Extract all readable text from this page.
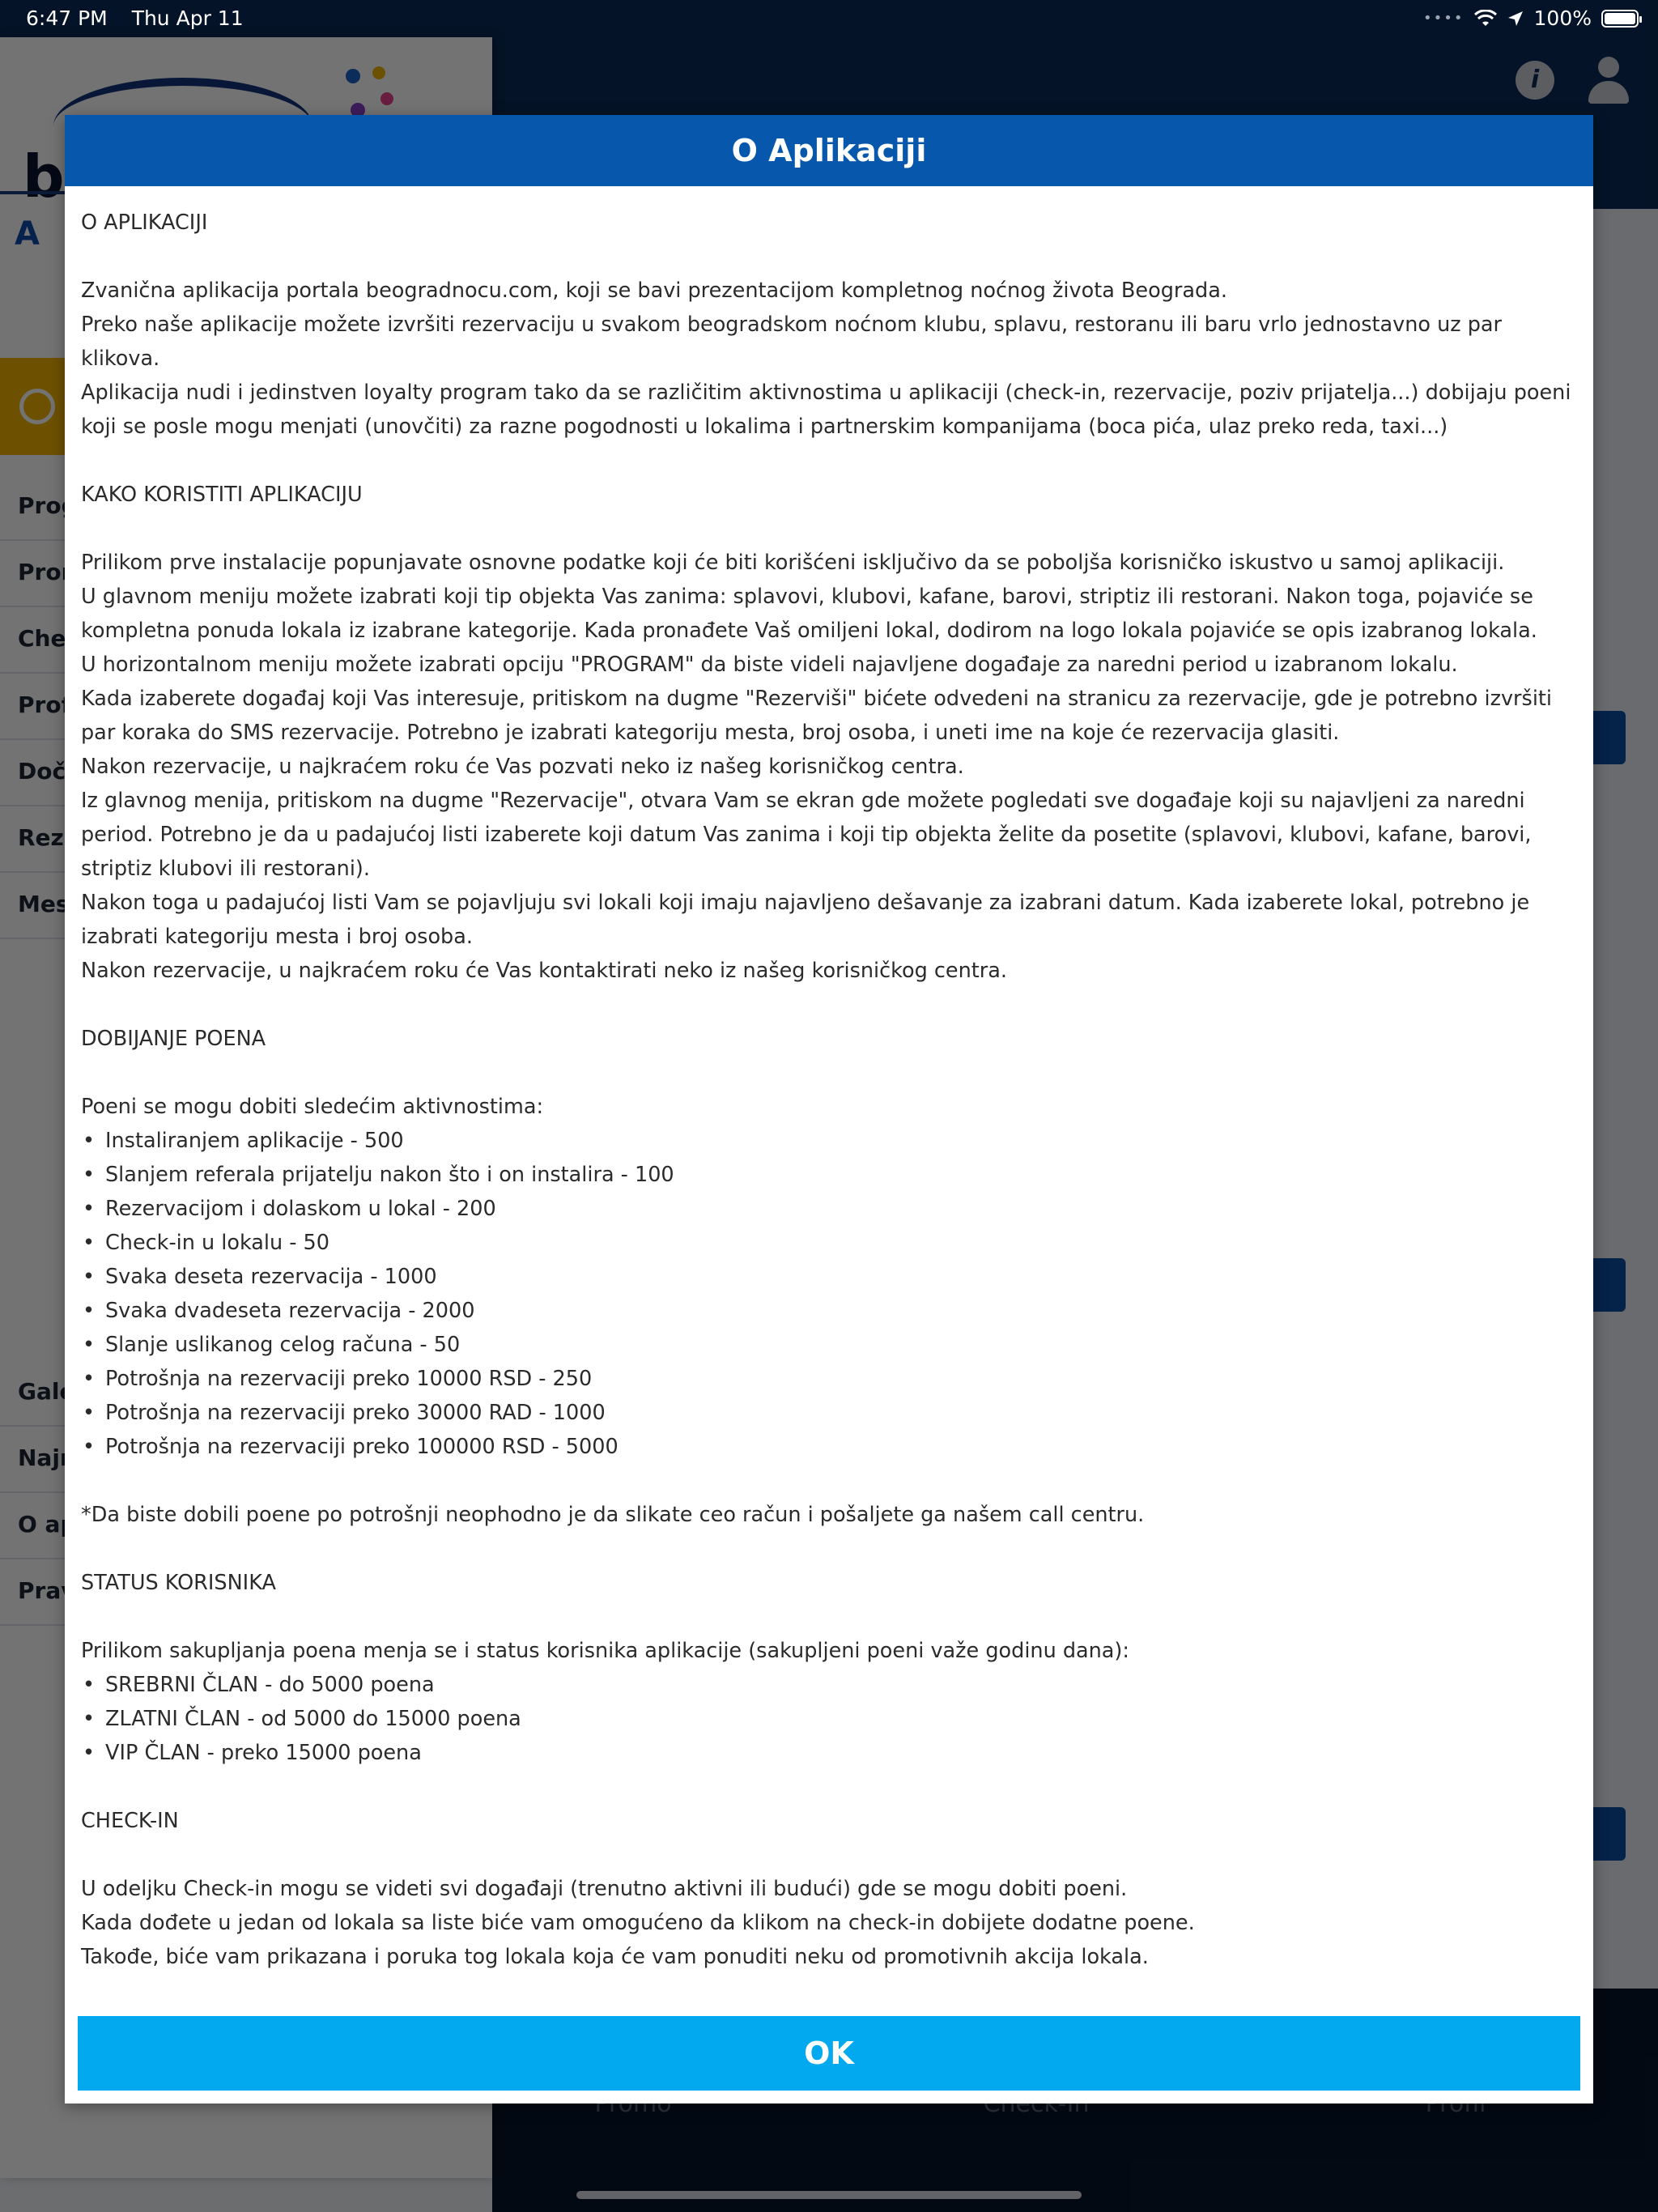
6:47 PM Thu Apr 11	••••	100%
O Aplikaciji

O APLIKACIJI

Zvanična aplikacija portala beogradnocu.com, koji se bavi prezentacijom kompletnog noćnog života Beograda.

Preko naše aplikacije možete izvršiti rezervaciju u svakom beogradskom noćnom klubu, splavu, restoranu ili baru vrlo jednostavno uz par klikova.

Aplikacija nudi i jedinstven loyalty program tako da se različitim aktivnostima u aplikaciji (check-in, rezervacije, poziv prijatelja...) dobijaju poeni koji se posle mogu menjati (unovčiti) za razne pogodnosti u lokalima i partnerskim kompanijama (boca pića, ulaz preko reda, taxi...)

KAKO KORISTITI APLIKACIJU

Prilikom prve instalacije popunjavate osnovne podatke koji će biti korišćeni isključivo da se poboljša korisničko iskustvo u samoj aplikaciji.

U glavnom meniju možete izabrati koji tip objekta Vas zanima: splavovi, klubovi, kafane, barovi, striptiz ili restorani. Nakon toga, pojaviće se kompletna ponuda lokala iz izabrane kategorije. Kada pronađete Vaš omiljeni lokal, dodirom na logo lokala pojaviće se opis izabranog lokala.

U horizontalnom meniju možete izabrati opciju "PROGRAM" da biste videli najavljene događaje za naredni period u izabranom lokalu.

Kada izaberete događaj koji Vas interesuje, pritiskom na dugme "Rezerviši" bićete odvedeni na stranicu za rezervacije, gde je potrebno izvršiti par koraka do SMS rezervacije. Potrebno je izabrati kategoriju mesta, broj osoba, i uneti ime na koje će rezervacija glasiti.

Nakon rezervacije, u najkraćem roku će Vas pozvati neko iz našeg korisničkog centra.

Iz glavnog menija, pritiskom na dugme "Rezervacije", otvara Vam se ekran gde možete pogledati sve događaje koji su najavljeni za naredni period. Potrebno je da u padajućoj listi izaberete koji datum Vas zanima i koji tip objekta želite da posetite (splavovi, klubovi, kafane, barovi, striptiz klubovi ili restorani).

Nakon toga u padajućoj listi Vam se pojavljuju svi lokali koji imaju najavljeno dešavanje za izabrani datum. Kada izaberete lokal, potrebno je izabrati kategoriju mesta i broj osoba.

Nakon rezervacije, u najkraćem roku će Vas kontaktirati neko iz našeg korisničkog centra.

DOBIJANJE POENA

Poeni se mogu dobiti sledećim aktivnostima:

• Instaliranjem aplikacije - 500
• Slanjem referala prijatelju nakon što i on instalira - 100
• Rezervacijom i dolaskom u lokal - 200
• Check-in u lokalu - 50
• Svaka deseta rezervacija - 1000
• Svaka dvadeseta rezervacija - 2000
• Slanje uslikanog celog računa - 50
• Potrošnja na rezervaciji preko 10000 RSD - 250
• Potrošnja na rezervaciji preko 30000 RAD - 1000
• Potrošnja na rezervaciji preko 100000 RSD - 5000

*Da biste dobili poene po potrošnji neophodno je da slikate ceo račun i pošaljete ga našem call centru.

STATUS KORISNIKA

Prilikom sakupljanja poena menja se i status korisnika aplikacije (sakupljeni poeni važe godinu dana):

• SREBRNI ČLAN - do 5000 poena
• ZLATNI ČLAN - od 5000 do 15000 poena
• VIP ČLAN - preko 15000 poena

CHECK-IN

U odeljku Check-in mogu se videti svi događaji (trenutno aktivni ili budući) gde se mogu dobiti poeni.

Kada dođete u jedan od lokala sa liste biće vam omogućeno da klikom na check-in dobijete dodatne poene.

Takođe, biće vam prikazana i poruka tog lokala koja će vam ponuditi neku od promotivnih akcija lokala.

OK
